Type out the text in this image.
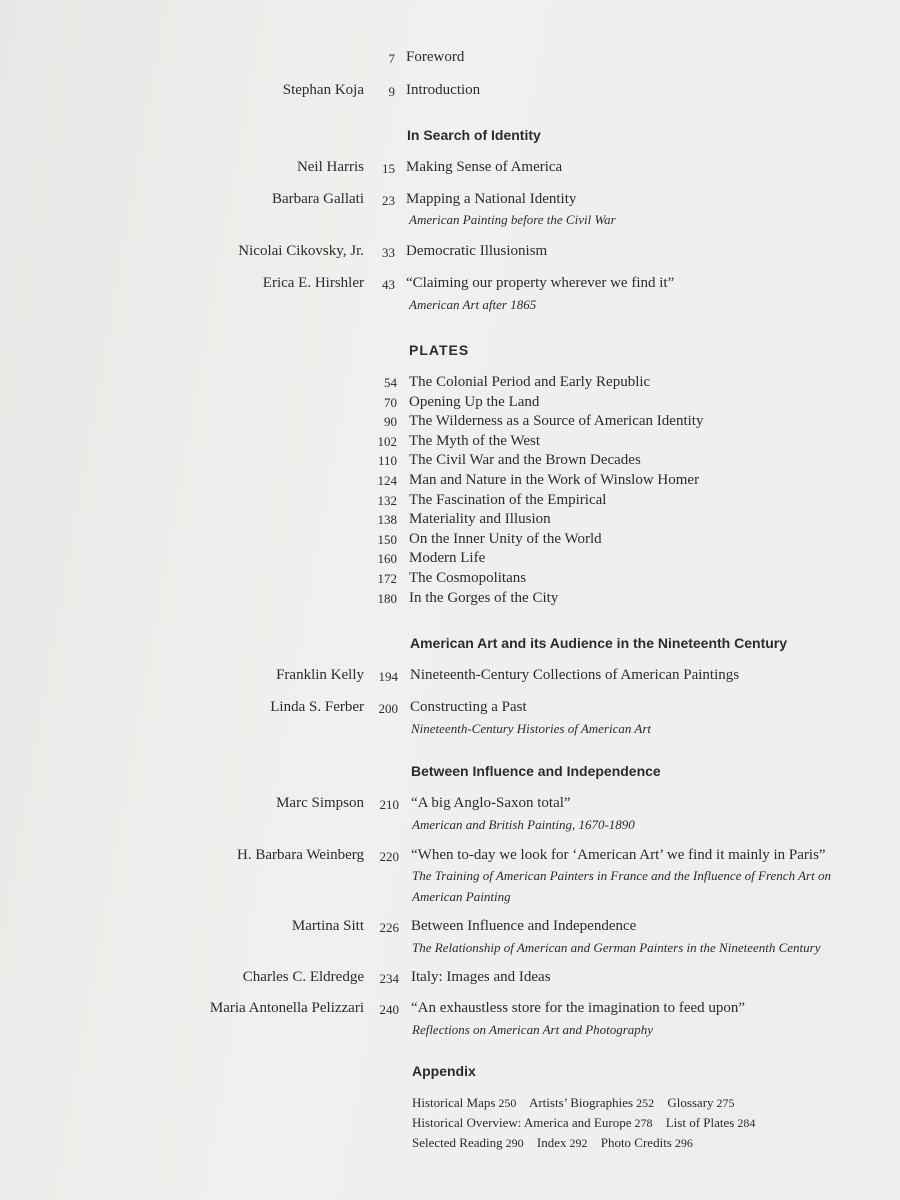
7 Foreword
Stephan Koja 9 Introduction
In Search of Identity
Neil Harris 15 Making Sense of America
Barbara Gallati 23 Mapping a National Identity
American Painting before the Civil War
Nicolai Cikovsky, Jr. 33 Democratic Illusionism
Erica E. Hirshler 43 “Claiming our property wherever we find it”
American Art after 1865
PLATES
54 The Colonial Period and Early Republic
70 Opening Up the Land
90 The Wilderness as a Source of American Identity
102 The Myth of the West
110 The Civil War and the Brown Decades
124 Man and Nature in the Work of Winslow Homer
132 The Fascination of the Empirical
138 Materiality and Illusion
150 On the Inner Unity of the World
160 Modern Life
172 The Cosmopolitans
180 In the Gorges of the City
American Art and its Audience in the Nineteenth Century
Franklin Kelly 194 Nineteenth-Century Collections of American Paintings
Linda S. Ferber 200 Constructing a Past
Nineteenth-Century Histories of American Art
Between Influence and Independence
Marc Simpson 210 “A big Anglo-Saxon total”
American and British Painting, 1670-1890
H. Barbara Weinberg 220 “When to-day we look for ‘American Art’ we find it mainly in Paris”
The Training of American Painters in France and the Influence of French Art on American Painting
Martina Sitt 226 Between Influence and Independence
The Relationship of American and German Painters in the Nineteenth Century
Charles C. Eldredge 234 Italy: Images and Ideas
Maria Antonella Pelizzari 240 “An exhaustless store for the imagination to feed upon”
Reflections on American Art and Photography
Appendix
Historical Maps 250 Artists’ Biographies 252 Glossary 275
Historical Overview: America and Europe 278 List of Plates 284
Selected Reading 290 Index 292 Photo Credits 296
